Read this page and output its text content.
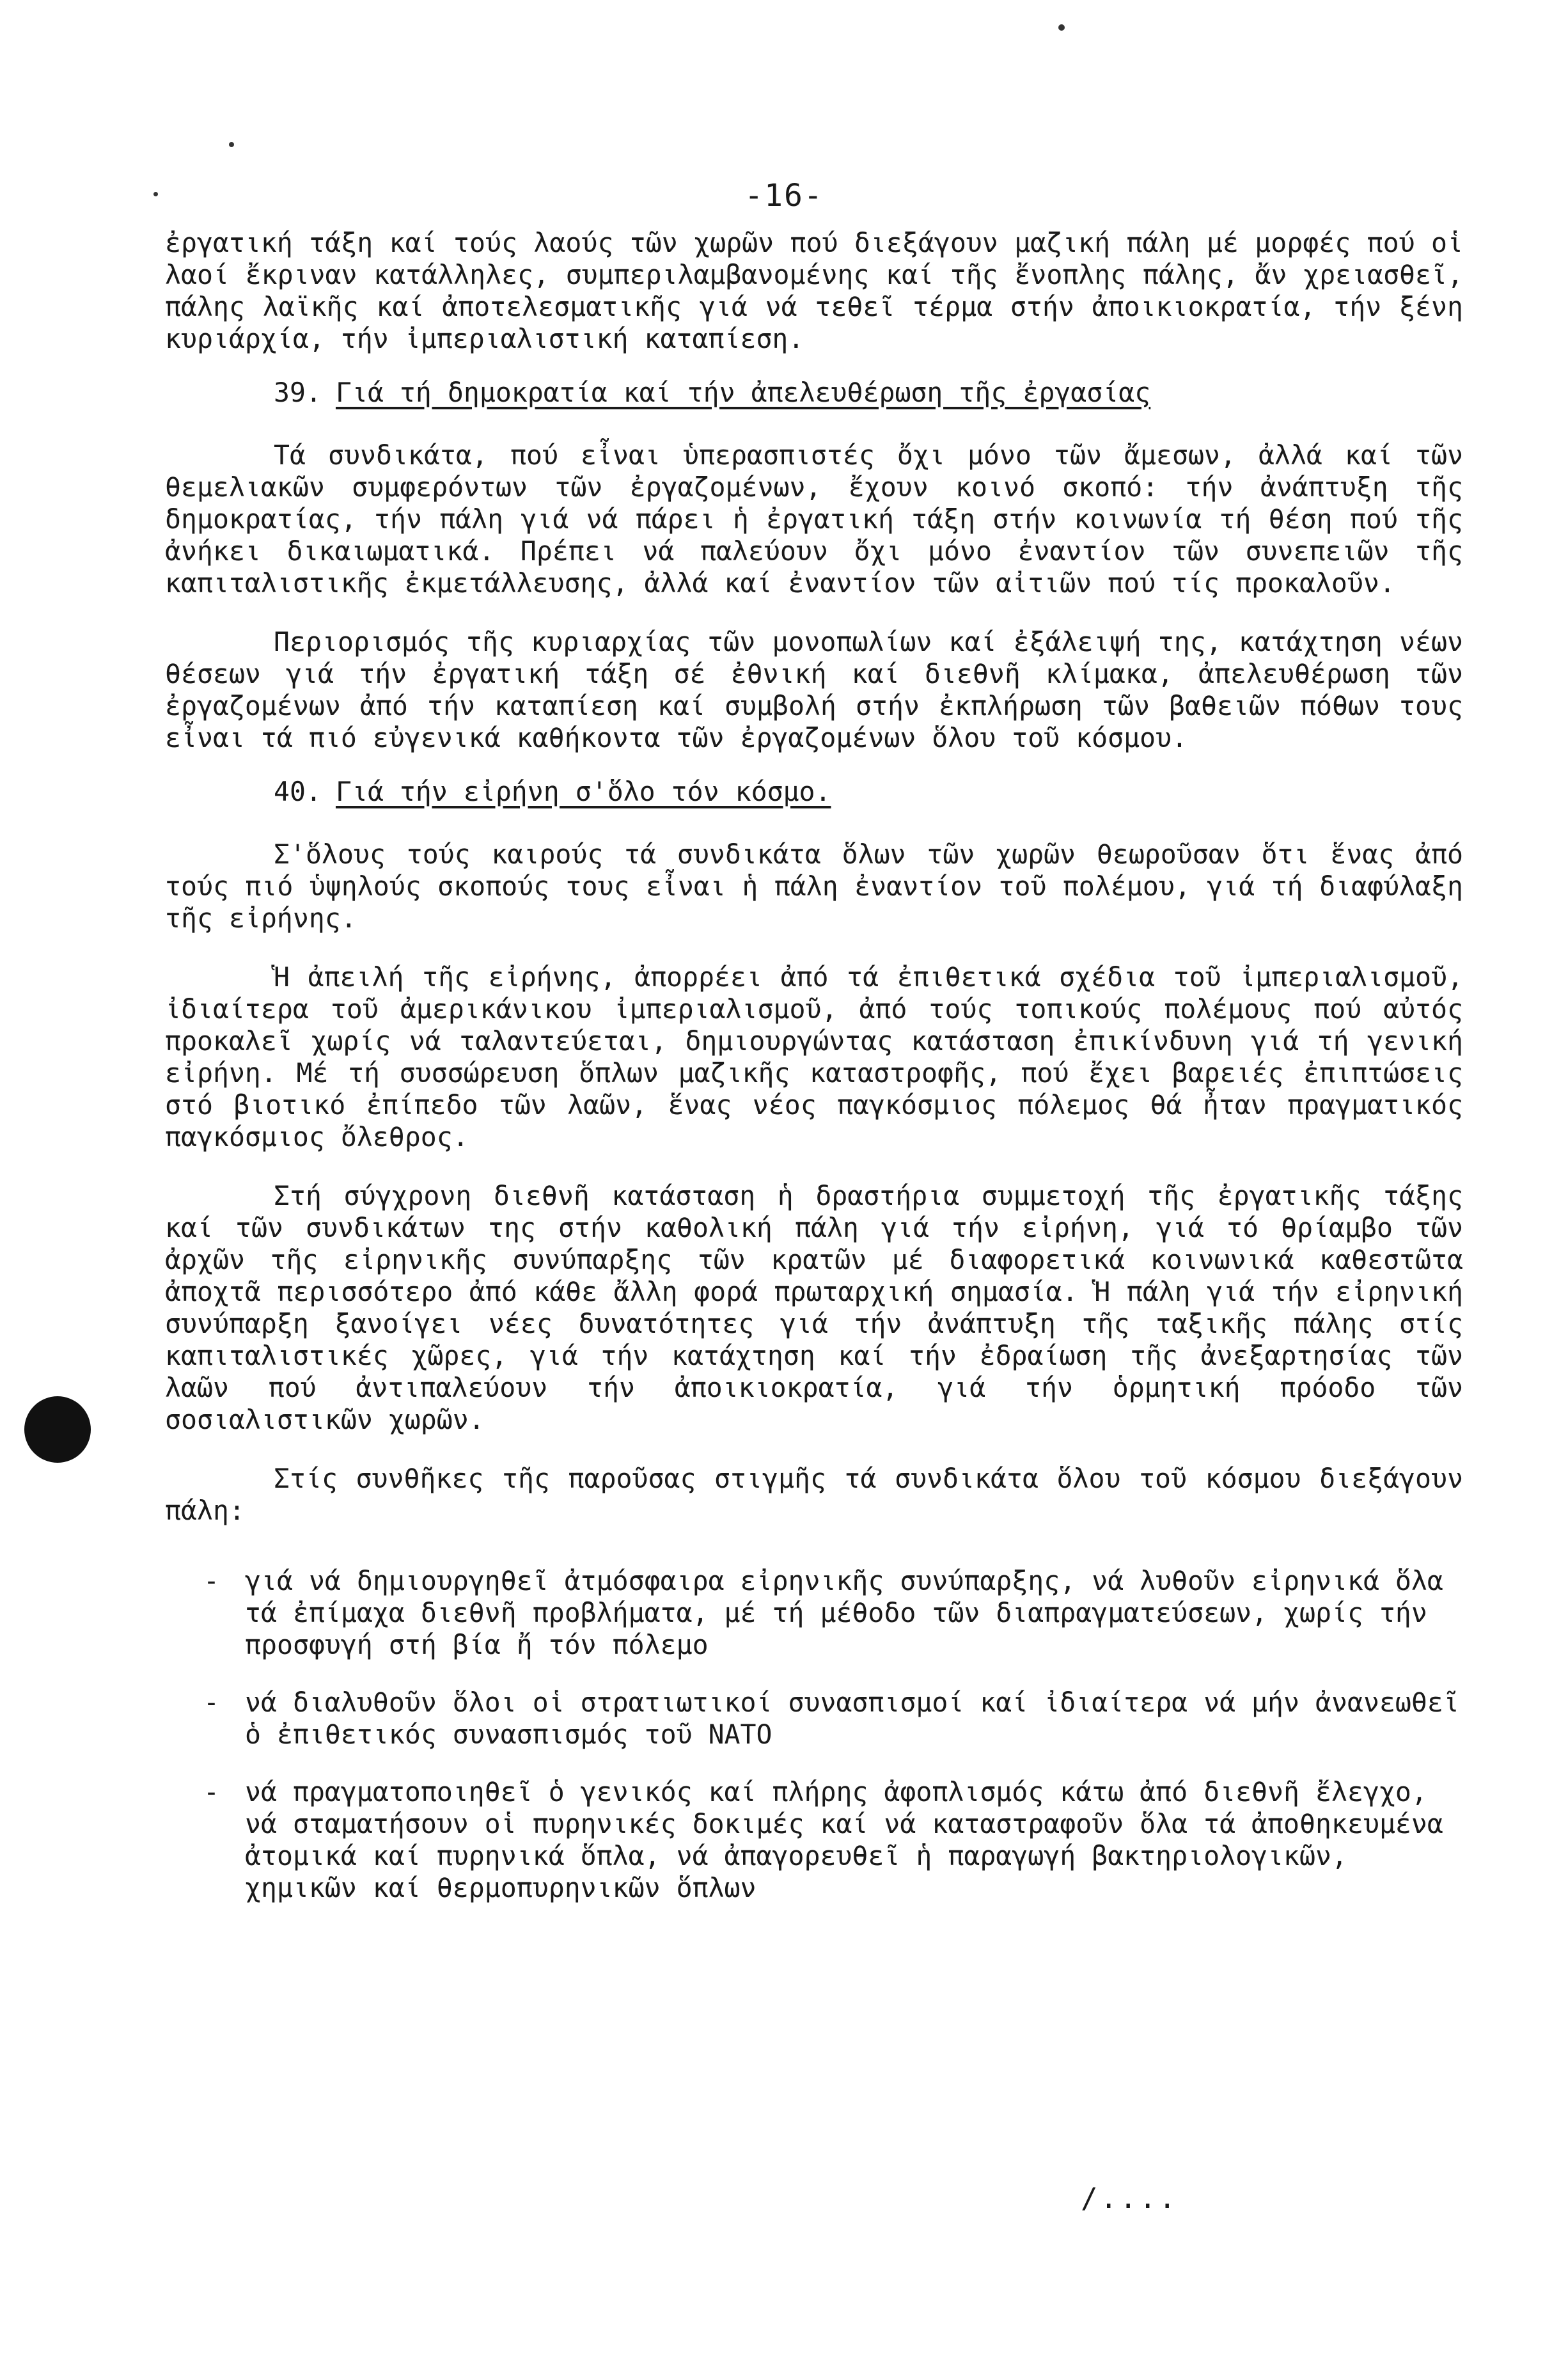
-16-

ἐργατική τάξη καί τούς λαούς τῶν χωρῶν πού διεξάγουν μαζική πάλη μέ μορφές πού οἱ λαοί ἔκριναν κατάλληλες, συμπεριλαμβανομένης καί τῆς ἔνοπλης πάλης, ἄν χρειασθεῖ, πάλης λαϊκῆς καί ἀποτελεσματικῆς γιά νά τεθεῖ τέρμα στήν ἀποικιοκρατία, τήν ξένη κυριάρχία, τήν ἰμπεριαλιστική καταπίεση.

39. Γιά τή δημοκρατία καί τήν ἀπελευθέρωση τῆς ἐργασίας

Τά συνδικάτα, πού εἶναι ὑπερασπιστές ὄχι μόνο τῶν ἄμεσων, ἀλλά καί τῶν θεμελιακῶν συμφερόντων τῶν ἐργαζομένων, ἔχουν κοινό σκοπό: τήν ἀνάπτυξη τῆς δημοκρατίας, τήν πάλη γιά νά πάρει ἡ ἐργατική τάξη στήν κοινωνία τή θέση πού τῆς ἀνήκει δικαιωματικά. Πρέπει νά παλεύουν ὄχι μόνο ἐναντίον τῶν συνεπειῶν τῆς καπιταλιστικῆς ἐκμετάλλευσης, ἀλλά καί ἐναντίον τῶν αἰτιῶν πού τίς προκαλοῦν.

Περιορισμός τῆς κυριαρχίας τῶν μονοπωλίων καί ἐξάλειψή της, κατάχτηση νέων θέσεων γιά τήν ἐργατική τάξη σέ ἐθνική καί διεθνῆ κλίμακα, ἀπελευθέρωση τῶν ἐργαζομένων ἀπό τήν καταπίεση καί συμβολή στήν ἐκπλήρωση τῶν βαθειῶν πόθων τους εἶναι τά πιό εὐγενικά καθήκοντα τῶν ἐργαζομένων ὅλου τοῦ κόσμου.

40. Γιά τήν εἰρήνη σ'ὅλο τόν κόσμο.

Σ'ὅλους τούς καιρούς τά συνδικάτα ὅλων τῶν χωρῶν θεωροῦσαν ὅτι ἕνας ἀπό τούς πιό ὑψηλούς σκοπούς τους εἶναι ἡ πάλη ἐναντίον τοῦ πολέμου, γιά τή διαφύλαξη τῆς εἰρήνης.

Ἡ ἀπειλή τῆς εἰρήνης, ἀπορρέει ἀπό τά ἐπιθετικά σχέδια τοῦ ἰμπεριαλισμοῦ, ἰδιαίτερα τοῦ ἀμερικάνικου ἰμπεριαλισμοῦ, ἀπό τούς τοπικούς πολέμους πού αὐτός προκαλεῖ χωρίς νά ταλαντεύεται, δημιουργώντας κατάσταση ἐπικίνδυνη γιά τή γενική εἰρήνη. Μέ τή συσσώρευση ὅπλων μαζικῆς καταστροφῆς, πού ἔχει βαρειές ἐπιπτώσεις στό βιοτικό ἐπίπεδο τῶν λαῶν, ἕνας νέος παγκόσμιος πόλεμος θά ἦταν πραγματικός παγκόσμιος ὄλεθρος.

Στή σύγχρονη διεθνῆ κατάσταση ἡ δραστήρια συμμετοχή τῆς ἐργατικῆς τάξης καί τῶν συνδικάτων της στήν καθολική πάλη γιά τήν εἰρήνη, γιά τό θρίαμβο τῶν ἀρχῶν τῆς εἰρηνικῆς συνύπαρξης τῶν κρατῶν μέ διαφορετικά κοινωνικά καθεστῶτα ἀποχτᾶ περισσότερο ἀπό κάθε ἄλλη φορά πρωταρχική σημασία. Ἡ πάλη γιά τήν εἰρηνική συνύπαρξη ξανοίγει νέες δυνατότητες γιά τήν ἀνάπτυξη τῆς ταξικῆς πάλης στίς καπιταλιστικές χῶρες, γιά τήν κατάχτηση καί τήν ἐδραίωση τῆς ἀνεξαρτησίας τῶν λαῶν πού ἀντιπαλεύουν τήν ἀποικιοκρατία, γιά τήν ὁρμητική πρόοδο τῶν σοσιαλιστικῶν χωρῶν.

Στίς συνθῆκες τῆς παροῦσας στιγμῆς τά συνδικάτα ὅλου τοῦ κόσμου διεξάγουν πάλη:

- γιά νά δημιουργηθεῖ ἀτμόσφαιρα εἰρηνικῆς συνύπαρξης, νά λυθοῦν εἰρηνικά ὅλα τά ἐπίμαχα διεθνῆ προβλήματα, μέ τή μέθοδο τῶν διαπραγματεύσεων, χωρίς τήν προσφυγή στή βία ἤ τόν πόλεμο
- νά διαλυθοῦν ὅλοι οἱ στρατιωτικοί συνασπισμοί καί ἰδιαίτερα νά μήν ἀνανεωθεῖ ὁ ἐπιθετικός συνασπισμός τοῦ ΝΑΤΟ
- νά πραγματοποιηθεῖ ὁ γενικός καί πλήρης ἀφοπλισμός κάτω ἀπό διεθνῆ ἔλεγχο, νά σταματήσουν οἱ πυρηνικές δοκιμές καί νά καταστραφοῦν ὅλα τά ἀποθηκευμένα ἀτομικά καί πυρηνικά ὅπλα, νά ἀπαγορευθεῖ ἡ παραγωγή βακτηριολογικῶν, χημικῶν καί θερμοπυρηνικῶν ὅπλων
/....
